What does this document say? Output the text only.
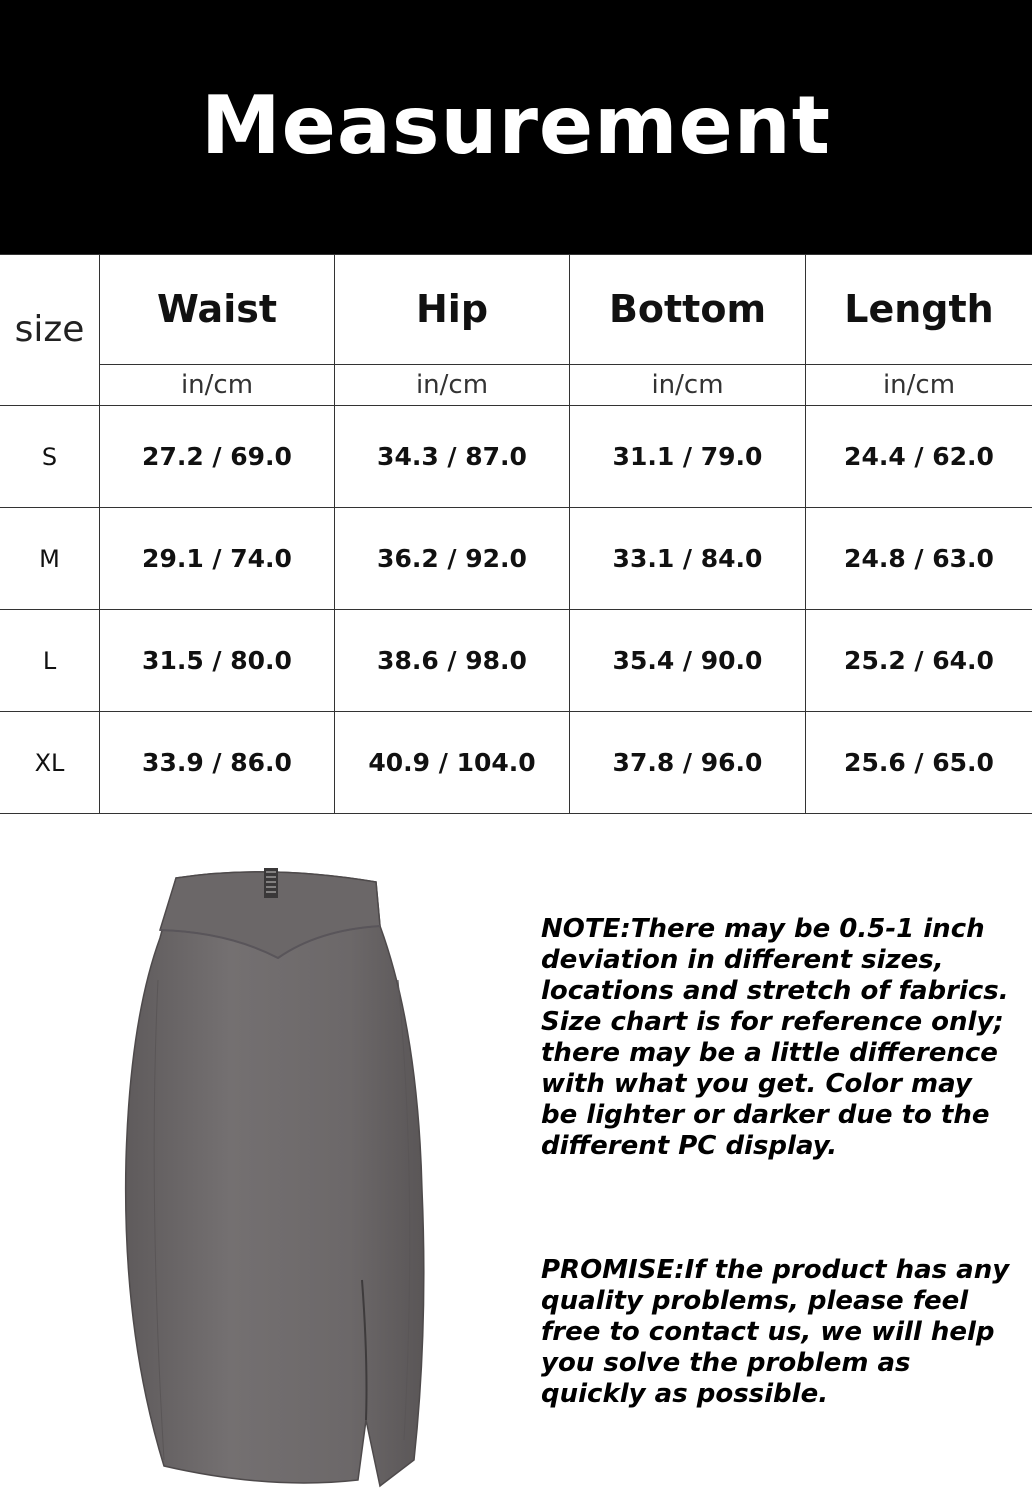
Measurement
size	Waist	Hip	Bottom	Length
in/cm	in/cm	in/cm	in/cm
S	27.2 / 69.0	34.3 / 87.0	31.1 / 79.0	24.4 / 62.0
M	29.1 / 74.0	36.2 / 92.0	33.1 / 84.0	24.8 / 63.0
L	31.5 / 80.0	38.6 / 98.0	35.4 / 90.0	25.2 / 64.0
XL	33.9 / 86.0	40.9 / 104.0	37.8 / 96.0	25.6 / 65.0
NOTE:There may be 0.5-1 inch deviation in different sizes, locations and stretch of fabrics. Size chart is for reference only; there may be a little difference with what you get. Color may be lighter or darker due to the different PC display.
PROMISE:If the product has any quality problems, please feel free to contact us, we will help you solve the problem as quickly as possible.
